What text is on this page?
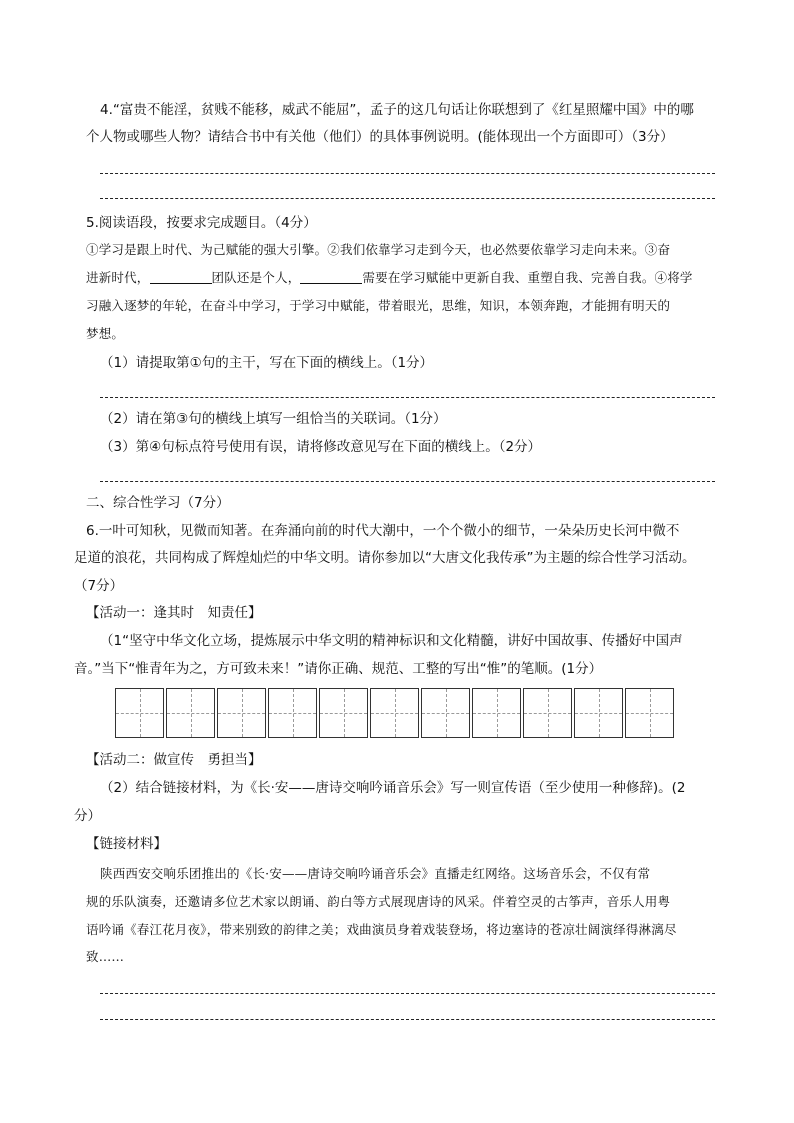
4.“富贵不能淫，贫贱不能移，威武不能屈”，孟子的这几句话让你联想到了《红星照耀中国》中的哪
个人物或哪些人物？请结合书中有关他（他们）的具体事例说明。(能体现出一个方面即可）（3分）
5.阅读语段，按要求完成题目。（4分）
①学习是跟上时代、为己赋能的强大引擎。②我们依靠学习走到今天，也必然要依靠学习走向未来。③奋
进新时代，	团队还是个人，	需要在学习赋能中更新自我、重塑自我、完善自我。④将学
习融入逐梦的年轮，在奋斗中学习，于学习中赋能，带着眼光，思维，知识，本领奔跑，才能拥有明天的
梦想。
（1）请提取第①句的主干，写在下面的横线上。（1分）
（2）请在第③句的横线上填写一组恰当的关联词。（1分）
（3）第④句标点符号使用有误，请将修改意见写在下面的横线上。（2分）
二、综合性学习（7分）
6.一叶可知秋，见微而知著。在奔涌向前的时代大潮中，一个个微小的细节，一朵朵历史长河中微不
足道的浪花，共同构成了辉煌灿烂的中华文明。请你参加以“大唐文化我传承”为主题的综合性学习活动。
（7分）
【活动一：逢其时　知责任】
（1“坚守中华文化立场，提炼展示中华文明的精神标识和文化精髓，讲好中国故事、传播好中国声
音。”当下“惟青年为之，方可致未来！”请你正确、规范、工整的写出“惟”的笔顺。(1分）
【活动二：做宣传　勇担当】
（2）结合链接材料，为《长·安——唐诗交响吟诵音乐会》写一则宣传语（至少使用一种修辞)。(2
分）
【链接材料】
陕西西安交响乐团推出的《长·安——唐诗交响吟诵音乐会》直播走红网络。这场音乐会，不仅有常
规的乐队演奏，还邀请多位艺术家以朗诵、韵白等方式展现唐诗的风采。伴着空灵的古筝声，音乐人用粤
语吟诵《春江花月夜》，带来别致的韵律之美；戏曲演员身着戏装登场，将边塞诗的苍凉壮阔演绎得淋漓尽
致……
